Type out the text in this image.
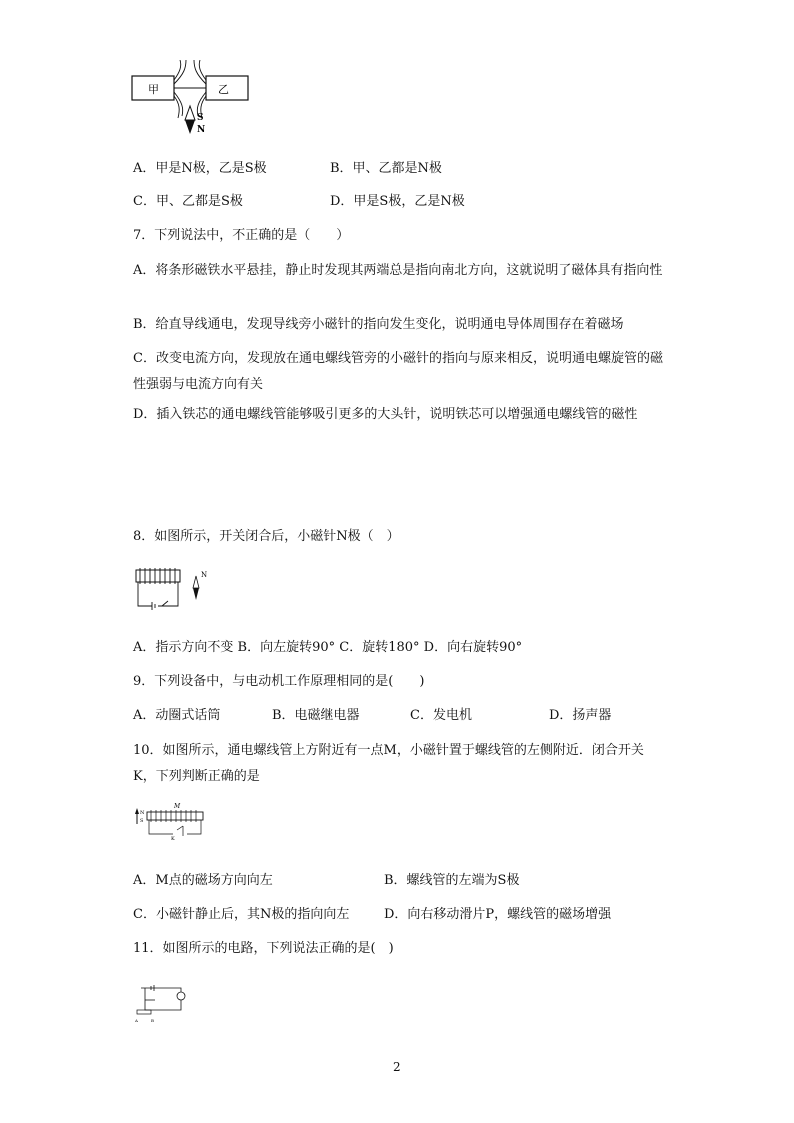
甲	乙
S
N
A．甲是N极，乙是S极	B．甲、乙都是N极
C．甲、乙都是S极	D．甲是S极，乙是N极
7．下列说法中，不正确的是（　　）
A．将条形磁铁水平悬挂，静止时发现其两端总是指向南北方向，这就说明了磁体具有指向性
B．给直导线通电，发现导线旁小磁针的指向发生变化，说明通电导体周围存在着磁场
C．改变电流方向，发现放在通电螺线管旁的小磁针的指向与原来相反，说明通电螺旋管的磁性强弱与电流方向有关
D．插入铁芯的通电螺线管能够吸引更多的大头针，说明铁芯可以增强通电螺线管的磁性
8．如图所示，开关闭合后，小磁针N极（　）
N
A．指示方向不变 B．向左旋转90° C．旋转180° D．向右旋转90°
9．下列设备中，与电动机工作原理相同的是(　　)
A．动圈式话筒	B．电磁继电器	C．发电机	D．扬声器
10．如图所示，通电螺线管上方附近有一点M，小磁针置于螺线管的左侧附近．闭合开关K，下列判断正确的是
N
S
M
K
A．M点的磁场方向向左	B．螺线管的左端为S极
C．小磁针静止后，其N极的指向向左	D．向右移动滑片P，螺线管的磁场增强
11．如图所示的电路，下列说法正确的是(　)
A	B
2
